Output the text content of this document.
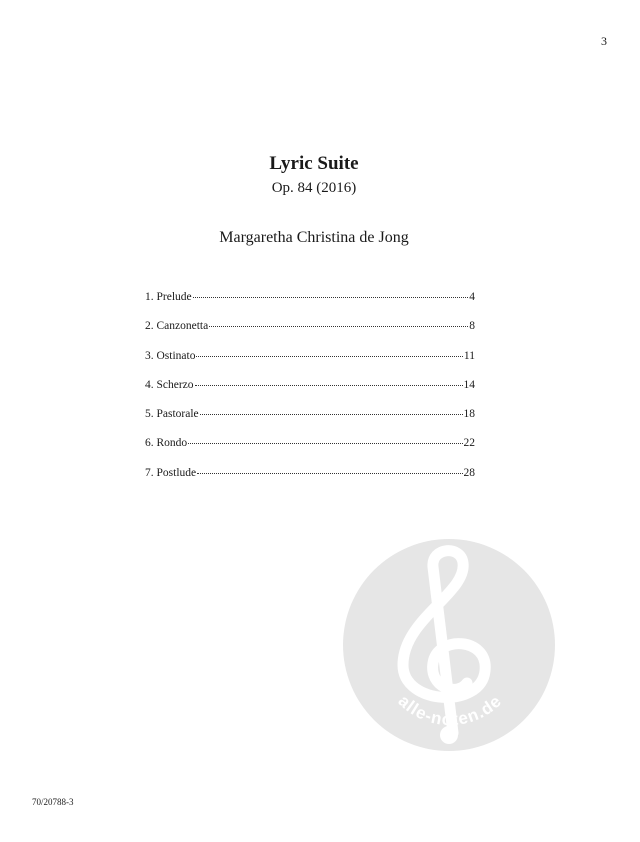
3
Lyric Suite
Op. 84 (2016)
Margaretha Christina de Jong
1. Prelude	4
2. Canzonetta	8
3. Ostinato	11
4. Scherzo	14
5. Pastorale	18
6. Rondo	22
7. Postlude	28
alle-noten.de
70/20788-3
